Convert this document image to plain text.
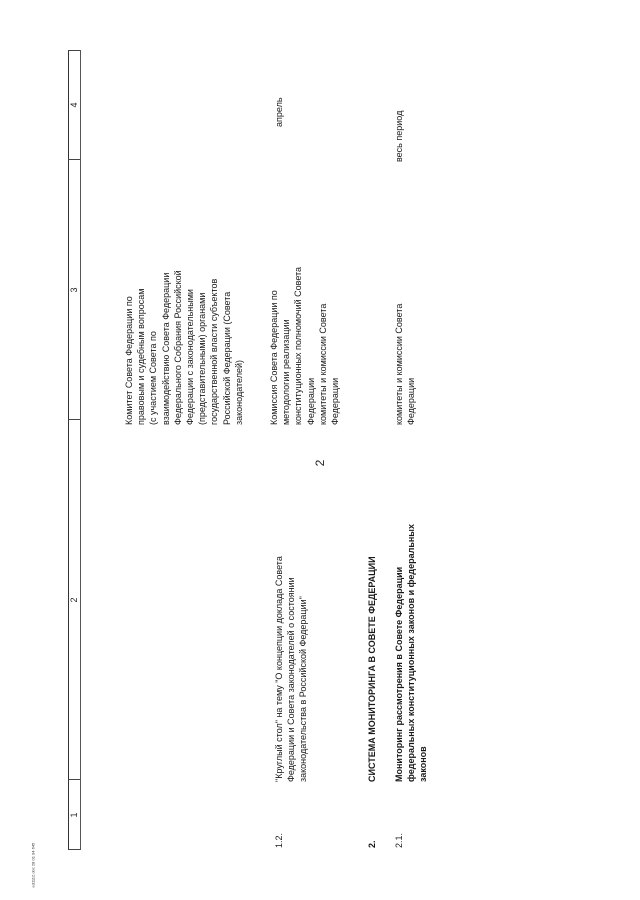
2
1
2
3
4
1.2.
"Круглый стол" на тему "О концепции доклада Совета Федерации и Совета законодателей о состоянии законодательства в Российской Федерации"
Комитет Совета Федерации по правовым и судебным вопросам (с участием Совета по взаимодействию Совета Федерации Федерального Собрания Российской Федерации с законодательными (представительными) органами государственной власти субъектов Российской Федерации (Совета законодателей)	Комиссия Совета Федерации по методологии реализации конституционных полномочий Совета Федерации комитеты и комиссии Совета Федерации
апрель
2.
СИСТЕМА МОНИТОРИНГА В СОВЕТЕ ФЕДЕРАЦИИ
2.1.
Мониторинг рассмотрения в Совете Федерации федеральных конституционных законов и федеральных законов
комитеты и комиссии Совета Федерации
весь период
ed1112.doc 28 01 04 645
